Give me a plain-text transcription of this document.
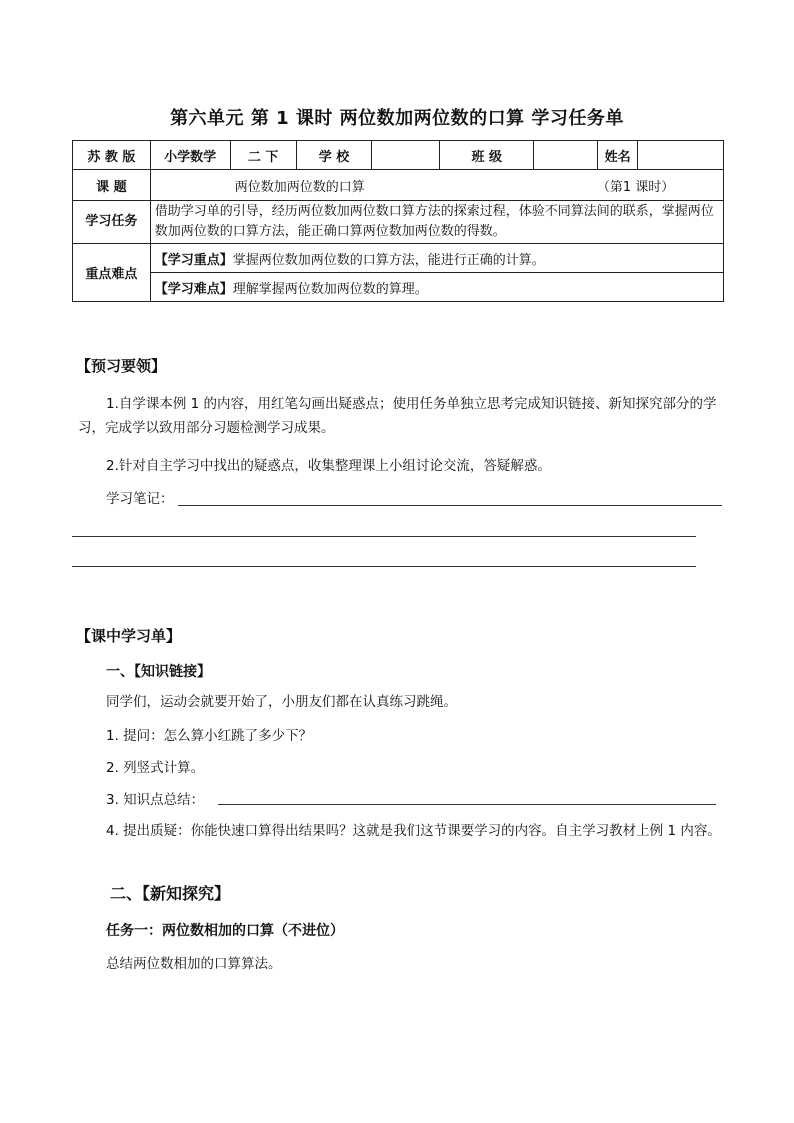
第六单元 第 1 课时 两位数加两位数的口算 学习任务单
苏 教 版	小学数学	二 下	学 校		班 级		姓名	
课 题	两位数加两位数的口算 （第1 课时）							
学习任务	借助学习单的引导，经历两位数加两位数口算方法的探索过程，体验不同算法间的联系，掌握两位数加两位数的口算方法，能正确口算两位数加两位数的得数。							
重点难点	【学习重点】掌握两位数加两位数的口算方法，能进行正确的计算。							
	【学习难点】理解掌握两位数加两位数的算理。							
【预习要领】
1.自学课本例 1 的内容，用红笔勾画出疑惑点；使用任务单独立思考完成知识链接、新知探究部分的学习，完成学以致用部分习题检测学习成果。
2.针对自主学习中找出的疑惑点，收集整理课上小组讨论交流，答疑解惑。
学习笔记：
【课中学习单】
一、【知识链接】
同学们，运动会就要开始了，小朋友们都在认真练习跳绳。
1. 提问：怎么算小红跳了多少下？
2. 列竖式计算。
3. 知识点总结：
4. 提出质疑：你能快速口算得出结果吗？这就是我们这节课要学习的内容。自主学习教材上例 1 内容。
二、【新知探究】
任务一：两位数相加的口算（不进位）
总结两位数相加的口算算法。
